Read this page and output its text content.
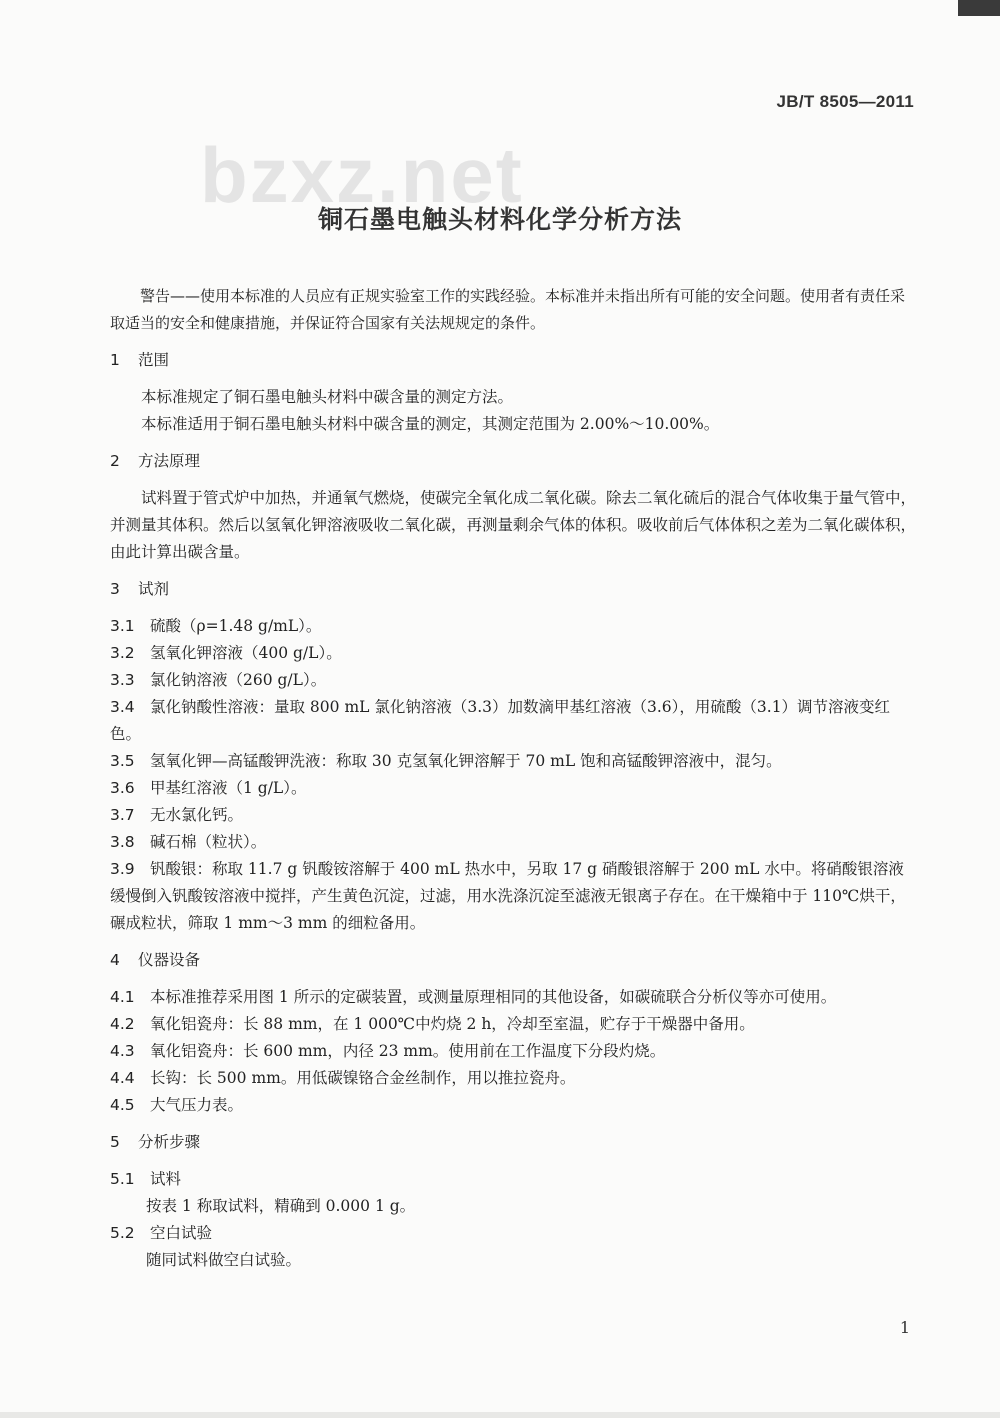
JB/T 8505—2011
bzxz.net
铜石墨电触头材料化学分析方法

警告——使用本标准的人员应有正规实验室工作的实践经验。本标准并未指出所有可能的安全问题。使用者有责任采取适当的安全和健康措施，并保证符合国家有关法规规定的条件。

1 范围

本标准规定了铜石墨电触头材料中碳含量的测定方法。

本标准适用于铜石墨电触头材料中碳含量的测定，其测定范围为 2.00%～10.00%。

2 方法原理

试料置于管式炉中加热，并通氧气燃烧，使碳完全氧化成二氧化碳。除去二氧化硫后的混合气体收集于量气管中，并测量其体积。然后以氢氧化钾溶液吸收二氧化碳，再测量剩余气体的体积。吸收前后气体体积之差为二氧化碳体积，由此计算出碳含量。

3 试剂

3.1 硫酸（ρ=1.48 g/mL）。

3.2 氢氧化钾溶液（400 g/L）。

3.3 氯化钠溶液（260 g/L）。

3.4 氯化钠酸性溶液：量取 800 mL 氯化钠溶液（3.3）加数滴甲基红溶液（3.6），用硫酸（3.1）调节溶液变红色。

3.5 氢氧化钾—高锰酸钾洗液：称取 30 克氢氧化钾溶解于 70 mL 饱和高锰酸钾溶液中，混匀。

3.6 甲基红溶液（1 g/L）。

3.7 无水氯化钙。

3.8 碱石棉（粒状）。

3.9 钒酸银：称取 11.7 g 钒酸铵溶解于 400 mL 热水中，另取 17 g 硝酸银溶解于 200 mL 水中。将硝酸银溶液缓慢倒入钒酸铵溶液中搅拌，产生黄色沉淀，过滤，用水洗涤沉淀至滤液无银离子存在。在干燥箱中于 110℃烘干，碾成粒状，筛取 1 mm～3 mm 的细粒备用。

4 仪器设备

4.1 本标准推荐采用图 1 所示的定碳装置，或测量原理相同的其他设备，如碳硫联合分析仪等亦可使用。

4.2 氧化铝瓷舟：长 88 mm，在 1 000℃中灼烧 2 h，冷却至室温，贮存于干燥器中备用。

4.3 氧化铝瓷舟：长 600 mm，内径 23 mm。使用前在工作温度下分段灼烧。

4.4 长钩：长 500 mm。用低碳镍铬合金丝制作，用以推拉瓷舟。

4.5 大气压力表。

5 分析步骤

5.1 试料

按表 1 称取试料，精确到 0.000 1 g。

5.2 空白试验

随同试料做空白试验。

1
